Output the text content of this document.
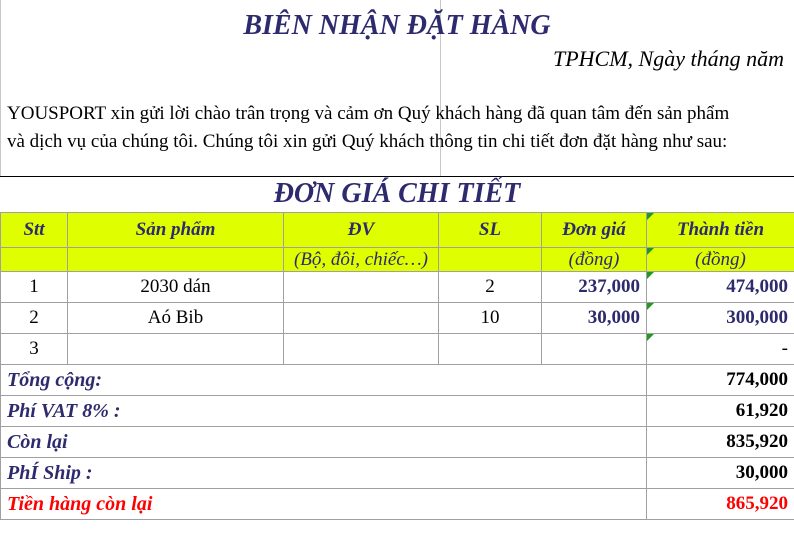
BIÊN NHẬN ĐẶT HÀNG
TPHCM, Ngày tháng năm

YOUSPORT xin gửi lời chào trân trọng và cảm ơn Quý khách hàng đã quan tâm đến sản phẩm

và dịch vụ của chúng tôi. Chúng tôi xin gửi Quý khách thông tin chi tiết đơn đặt hàng như sau:

ĐƠN GIÁ CHI TIẾT
Stt	Sản phẩm	ĐV	SL	Đơn giá	Thành tiền
		(Bộ, đôi, chiếc…)		(đồng)	(đồng)
1	2030 dán		2	237,000	474,000
2	Aó Bib		10	30,000	300,000
3					-
Tổng cộng:					774,000
Phí VAT 8% :					61,920
Còn lại					835,920
PhÍ Ship :					30,000
Tiền hàng còn lại					865,920
